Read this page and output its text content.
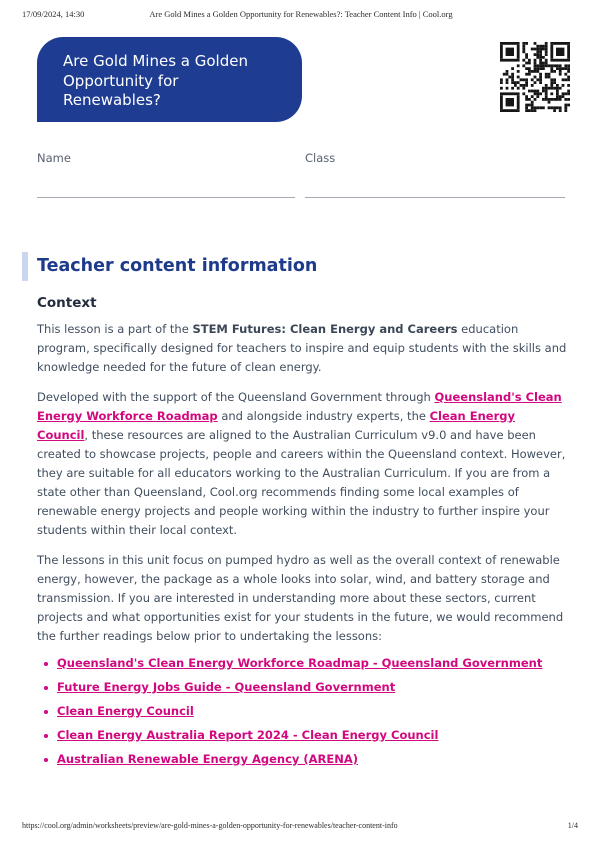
17/09/2024, 14:30	Are Gold Mines a Golden Opportunity for Renewables?: Teacher Content Info | Cool.org
Are Gold Mines a Golden Opportunity for Renewables?
Name	Class
Teacher content information
Context

This lesson is a part of the STEM Futures: Clean Energy and Careers education program, specifically designed for teachers to inspire and equip students with the skills and knowledge needed for the future of clean energy.

Developed with the support of the Queensland Government through Queensland's Clean Energy Workforce Roadmap and alongside industry experts, the Clean Energy Council, these resources are aligned to the Australian Curriculum v9.0 and have been created to showcase projects, people and careers within the Queensland context. However, they are suitable for all educators working to the Australian Curriculum. If you are from a state other than Queensland, Cool.org recommends finding some local examples of renewable energy projects and people working within the industry to further inspire your students within their local context.

The lessons in this unit focus on pumped hydro as well as the overall context of renewable energy, however, the package as a whole looks into solar, wind, and battery storage and transmission. If you are interested in understanding more about these sectors, current projects and what opportunities exist for your students in the future, we would recommend the further readings below prior to undertaking the lessons:

Queensland's Clean Energy Workforce Roadmap - Queensland Government
Future Energy Jobs Guide - Queensland Government
Clean Energy Council
Clean Energy Australia Report 2024 - Clean Energy Council
Australian Renewable Energy Agency (ARENA)
https://cool.org/admin/worksheets/preview/are-gold-mines-a-golden-opportunity-for-renewables/teacher-content-info	1/4
